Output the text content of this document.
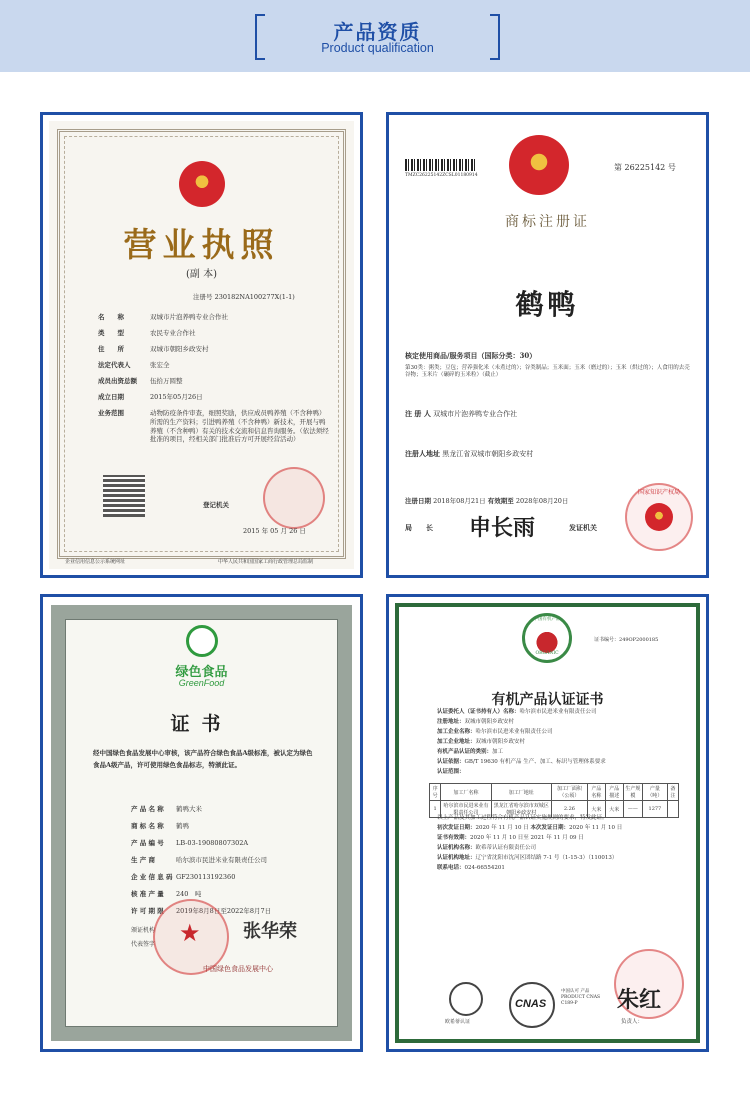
产品资质
Product qualification
营业执照
(副 本)
注册号 230182NA100277X(1-1)
名　　称	双城市片泡养鸭专业合作社
类　　型	农民专业合作社
住　　所	双城市朝阳乡政安村
法定代表人	张宏全
成员出资总额 伍拾万圆整
成立日期	2015年05月26日
业务范围	动物防疫条件审查，细照奖励，供应成员鸭养殖（不含种鸭）所需的生产资料；引进鸭养殖（不含种鸭）新技术，开展与鸭养殖（不含种鸭）有关的技术交流和信息咨询服务。（依法须经批准的项目，经相关部门批准后方可开展经营活动）
登记机关
2015 年 05 月 26 日
企业信用信息公示系统网址	中华人民共和国国家工商行政管理总局监制
TMZC26225142ZCSL01180914
第 26225142 号
商标注册证
鹤鸭
核定使用商品/服务项目（国际分类：30）
第30类：粥类；豆包；营养强化米（未煮过的）；谷类制品；玉米面；玉米（磨过的）；玉米（烘过的）；人食用的去壳谷物；玉米片（碾碎的玉米粒）（截止）
注 册 人 双城市片泡养鸭专业合作社
注册人地址 黑龙江省双城市朝阳乡政安村
注册日期 2018年08月21日 有效期至 2028年08月20日
局　　长 申长雨	发证机关
国家知识产权局
绿色食品
GreenFood
证书
经中国绿色食品发展中心审核，该产品符合绿色食品A级标准，被认定为绿色食品A级产品，许可使用绿色食品标志，特颁此证。
产 品 名 称 鹤鸭大米
商 标 名 称 鹤鸭
产 品 编 号 LB-03-19080807302A
生 产 商	哈尔滨市民进米业有限责任公司
企 业 信 息 码 GF230113192360
核 准 产 量 240　吨
许 可 期 限 2019年8月8日至2022年8月7日
颁证机构
代表签字 ★ 张华荣
中国绿色食品发展中心
中国有机产品
ORGANIC
证书编号：249OP2000185
有机产品认证证书
认证委托人（证书持有人）名称：哈尔滨市民进米业有限责任公司
注册地址：双城市朝阳乡政安村
加工企业名称：哈尔滨市民进米业有限责任公司
加工企业地址：双城市朝阳乡政安村
有机产品认证的类别：加工
认证依据：GB/T 19630 有机产品 生产、加工、标识与管理体系要求
认证范围：
序号	加工厂名称	加工厂地址	加工厂面积（公顷）	产品名称	产品描述	生产规模	产量（吨）	备注
1	哈尔滨市民进米业有限责任公司	黑龙江省哈尔滨市双城区朝阳乡政安村	2.26	大米	大米	——	1277	
以上产品及其加工过程符合有机产品认证实施规则的要求，特发此证。
初次发证日期：2020 年 11 月 10 日 本次发证日期：2020 年 11 月 10 日
证书有效期：2020 年 11 月 10 日至 2021 年 11 月 09 日
认证机构名称：欧希蒂认证有限责任公司
认证机构地址：辽宁省沈阳市沈河区团结路 7-1 号（1-15-3）（110013）
联系电话：024-66554201
欧希蒂认证
CNAS
中国认可 产品 PRODUCT CNAS C189-P	朱红
负责人：
